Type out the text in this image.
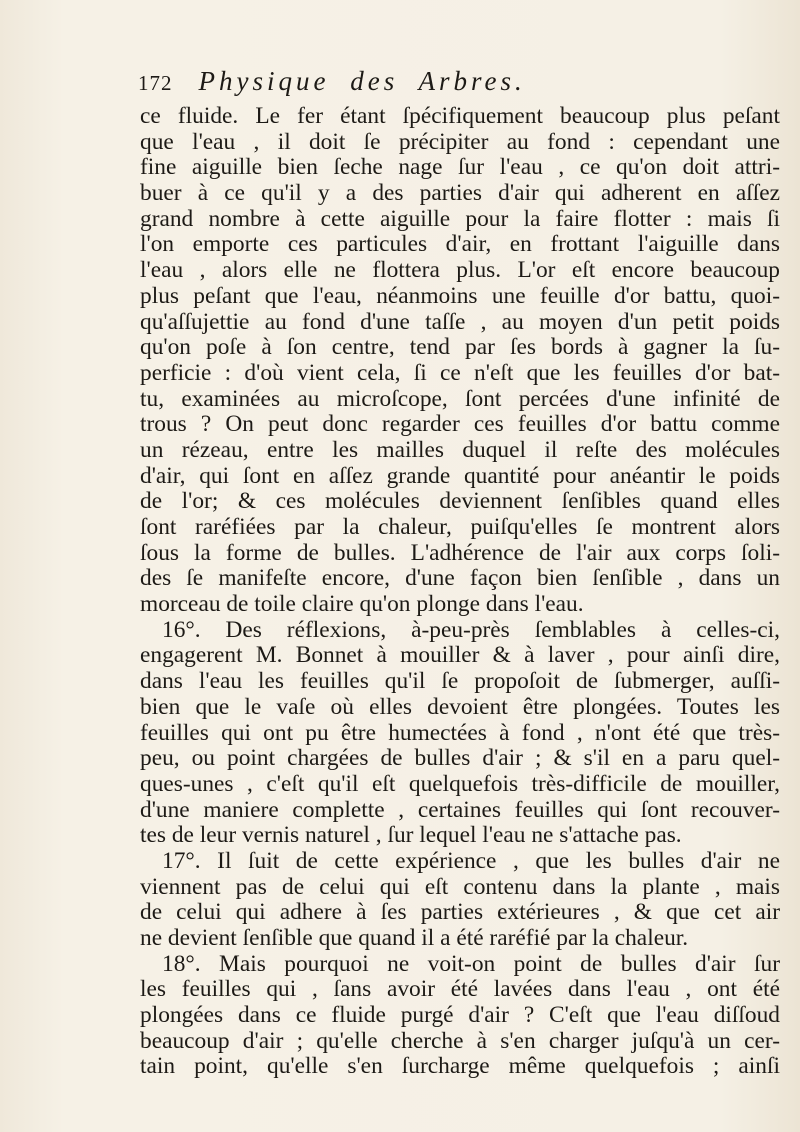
172 Physique des Arbres.
ce fluide. Le fer étant ſpécifiquement beaucoup plus peſant
que l'eau , il doit ſe précipiter au fond : cependant une
fine aiguille bien ſeche nage ſur l'eau , ce qu'on doit attri-
buer à ce qu'il y a des parties d'air qui adherent en aſſez
grand nombre à cette aiguille pour la faire flotter : mais ſi
l'on emporte ces particules d'air, en frottant l'aiguille dans
l'eau , alors elle ne flottera plus. L'or eſt encore beaucoup
plus peſant que l'eau, néanmoins une feuille d'or battu, quoi-
qu'aſſujettie au fond d'une taſſe , au moyen d'un petit poids
qu'on poſe à ſon centre, tend par ſes bords à gagner la ſu-
perficie : d'où vient cela, ſi ce n'eſt que les feuilles d'or bat-
tu, examinées au microſcope, ſont percées d'une infinité de
trous ? On peut donc regarder ces feuilles d'or battu comme
un rézeau, entre les mailles duquel il reſte des molécules
d'air, qui ſont en aſſez grande quantité pour anéantir le poids
de l'or; & ces molécules deviennent ſenſibles quand elles
ſont raréfiées par la chaleur, puiſqu'elles ſe montrent alors
ſous la forme de bulles. L'adhérence de l'air aux corps ſoli-
des ſe manifeſte encore, d'une façon bien ſenſible , dans un
morceau de toile claire qu'on plonge dans l'eau.
16°. Des réflexions, à-peu-près ſemblables à celles-ci,
engagerent M. Bonnet à mouiller & à laver , pour ainſi dire,
dans l'eau les feuilles qu'il ſe propoſoit de ſubmerger, auſſi-
bien que le vaſe où elles devoient être plongées. Toutes les
feuilles qui ont pu être humectées à fond , n'ont été que très-
peu, ou point chargées de bulles d'air ; & s'il en a paru quel-
ques-unes , c'eſt qu'il eſt quelquefois très-difficile de mouiller,
d'une maniere complette , certaines feuilles qui ſont recouver-
tes de leur vernis naturel , ſur lequel l'eau ne s'attache pas.
17°. Il ſuit de cette expérience , que les bulles d'air ne
viennent pas de celui qui eſt contenu dans la plante , mais
de celui qui adhere à ſes parties extérieures , & que cet air
ne devient ſenſible que quand il a été raréfié par la chaleur.
18°. Mais pourquoi ne voit-on point de bulles d'air ſur
les feuilles qui , ſans avoir été lavées dans l'eau , ont été
plongées dans ce fluide purgé d'air ? C'eſt que l'eau diſſoud
beaucoup d'air ; qu'elle cherche à s'en charger juſqu'à un cer-
tain point, qu'elle s'en ſurcharge même quelquefois ; ainſi
